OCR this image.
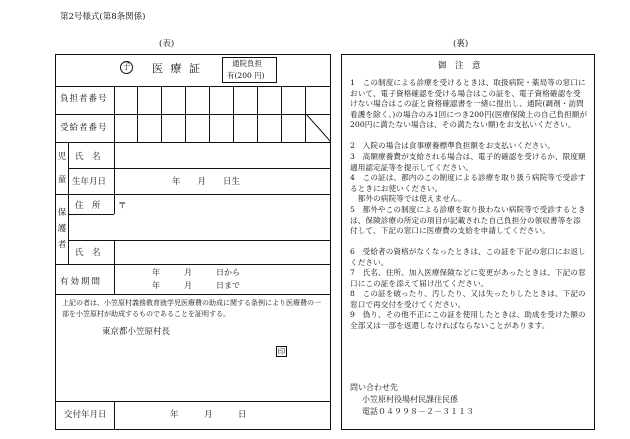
第2号様式(第8条関係)
(表)	(裏)
子 医 療 証	通院負担
有(200 円)
負担者番号
受給者番号
児
童
氏　名
生年月日	年　　月　　日生
保
護
者
住　所 〒
氏　名
有効期間
年　　　月　　　日から
年　　　月　　　日まで
上記の者は、小笠原村義務教育就学児医療費の助成に関する条例により医療費の一部を小笠原村が助成するものであることを証明する。
東京都小笠原村長
印
交付年月日	年　　　月　　　日
御　注　意
1　この制度による診療を受けるときは、取扱病院・薬局等の窓口において、電子資格確認を受ける場合はこの証を、電子資格確認を受けない場合はこの証と資格確認書を一緒に提出し、通院(調剤・訪問看護を除く。)の場合のみ1回につき200円(医療保険上の自己負担額が200円に満たない場合は、その満たない額)をお支払いください。
2　入院の場合は食事療養標準負担額をお支払いください。
3　高額療養費が支給される場合は、電子的確認を受けるか、限度額適用認定証等を提示してください。
4　この証は、都内のこの制度による診療を取り扱う病院等で受診するときにお使いください。
　都外の病院等では使えません。
5　都外やこの制度による診療を取り扱わない病院等で受診するときは、保険診療の所定の項目が記載された自己負担分の領収書等を添付して、下記の窓口に医療費の支給を申請してください。
6　受給者の資格がなくなったときは、この証を下記の窓口にお返しください。
7　氏名、住所、加入医療保険などに変更があったときは、下記の窓口にこの証を添えて届け出てください。
8　この証を破ったり、汚したり、又は失ったりしたときは、下記の窓口で再交付を受けてください。
9　偽り、その他不正にこの証を使用したときは、助成を受けた額の全部又は一部を返還しなければならないことがあります。
問い合わせ先
小笠原村役場村民課住民係
電話０４９９８－２－３１１３
